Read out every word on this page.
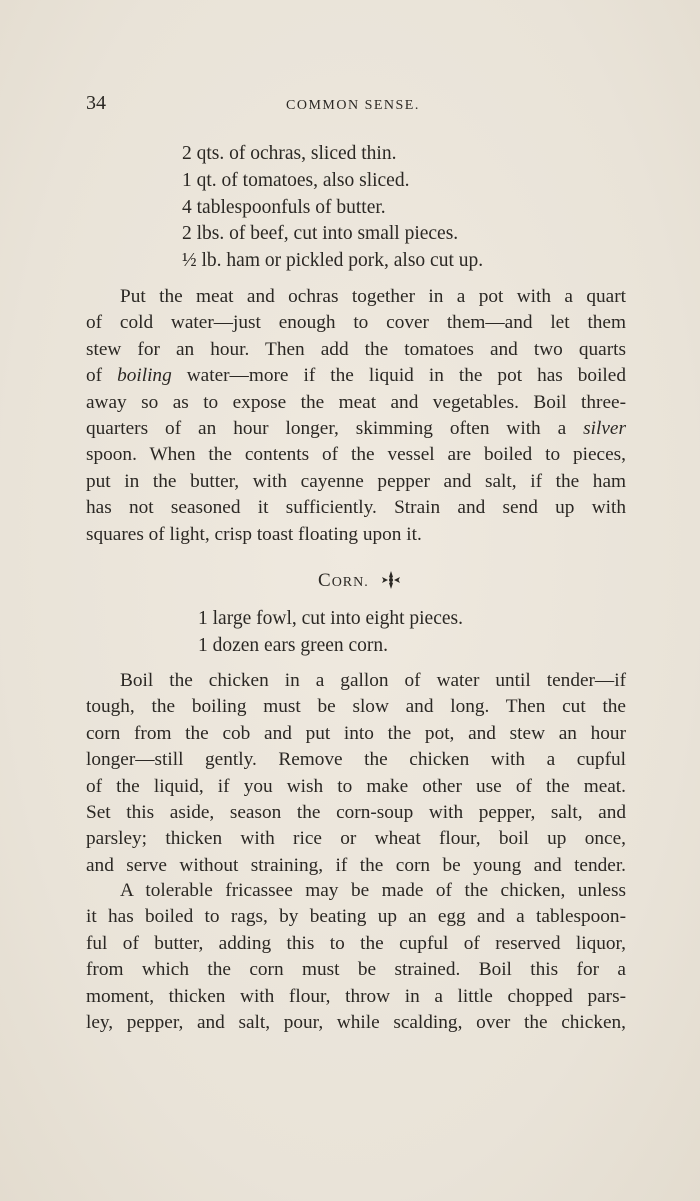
34	COMMON SENSE.
2 qts. of ochras, sliced thin.
1 qt. of tomatoes, also sliced.
4 tablespoonfuls of butter.
2 lbs. of beef, cut into small pieces.
½ lb. ham or pickled pork, also cut up.
Put the meat and ochras together in a pot with a quart
of cold water—just enough to cover them—and let them
stew for an hour. Then add the tomatoes and two quarts
of boiling water—more if the liquid in the pot has boiled
away so as to expose the meat and vegetables. Boil three-
quarters of an hour longer, skimming often with a silver
spoon. When the contents of the vessel are boiled to pieces,
put in the butter, with cayenne pepper and salt, if the ham
has not seasoned it sufficiently. Strain and send up with
squares of light, crisp toast floating upon it.
CORN.
1 large fowl, cut into eight pieces.
1 dozen ears green corn.
Boil the chicken in a gallon of water until tender—if
tough, the boiling must be slow and long. Then cut the
corn from the cob and put into the pot, and stew an hour
longer—still gently. Remove the chicken with a cupful
of the liquid, if you wish to make other use of the meat.
Set this aside, season the corn-soup with pepper, salt, and
parsley; thicken with rice or wheat flour, boil up once,
and serve without straining, if the corn be young and tender.
A tolerable fricassee may be made of the chicken, unless
it has boiled to rags, by beating up an egg and a tablespoon-
ful of butter, adding this to the cupful of reserved liquor,
from which the corn must be strained. Boil this for a
moment, thicken with flour, throw in a little chopped pars-
ley, pepper, and salt, pour, while scalding, over the chicken,
